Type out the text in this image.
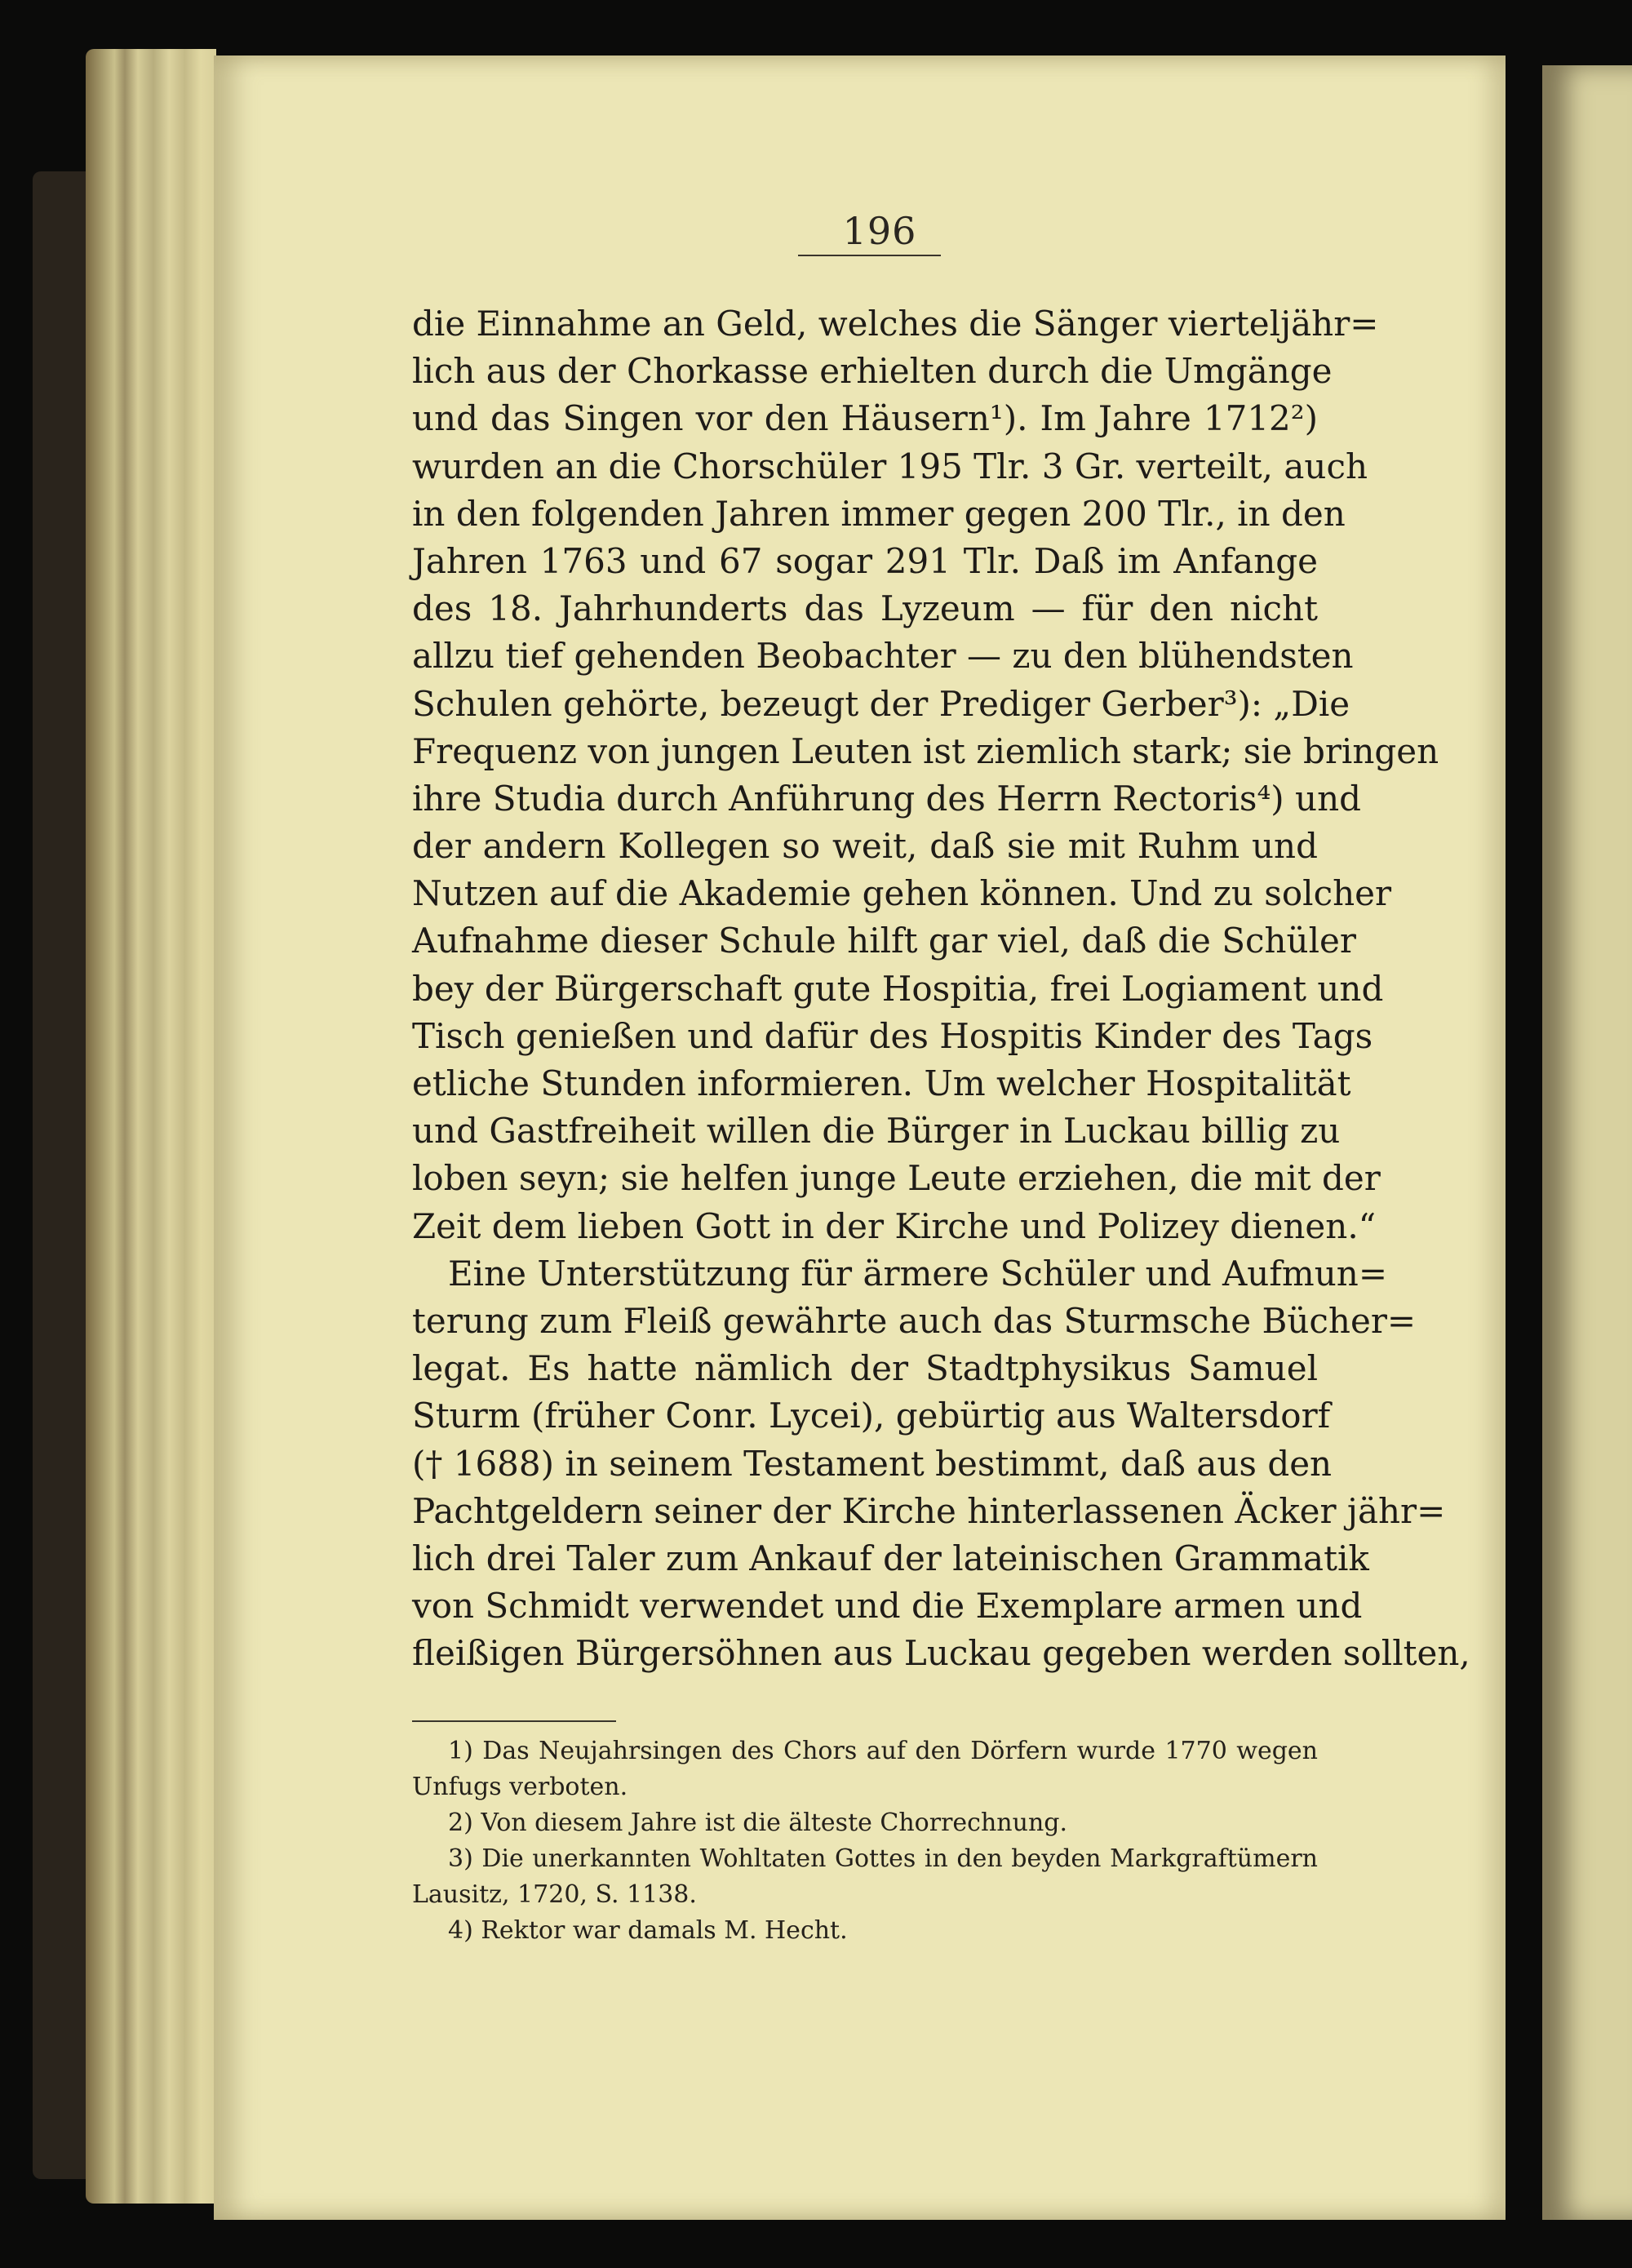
196
die Einnahme an Geld, welches die Sänger vierteljähr=
lich aus der Chorkasse erhielten durch die Umgänge
und das Singen vor den Häusern¹). Im Jahre 1712²)
wurden an die Chorschüler 195 Tlr. 3 Gr. verteilt, auch
in den folgenden Jahren immer gegen 200 Tlr., in den
Jahren 1763 und 67 sogar 291 Tlr. Daß im Anfange
des 18. Jahrhunderts das Lyzeum — für den nicht
allzu tief gehenden Beobachter — zu den blühendsten
Schulen gehörte, bezeugt der Prediger Gerber³): „Die
Frequenz von jungen Leuten ist ziemlich stark; sie bringen
ihre Studia durch Anführung des Herrn Rectoris⁴) und
der andern Kollegen so weit, daß sie mit Ruhm und
Nutzen auf die Akademie gehen können. Und zu solcher
Aufnahme dieser Schule hilft gar viel, daß die Schüler
bey der Bürgerschaft gute Hospitia, frei Logiament und
Tisch genießen und dafür des Hospitis Kinder des Tags
etliche Stunden informieren. Um welcher Hospitalität
und Gastfreiheit willen die Bürger in Luckau billig zu
loben seyn; sie helfen junge Leute erziehen, die mit der
Zeit dem lieben Gott in der Kirche und Polizey dienen.“
Eine Unterstützung für ärmere Schüler und Aufmun=
terung zum Fleiß gewährte auch das Sturmsche Bücher=
legat. Es hatte nämlich der Stadtphysikus Samuel
Sturm (früher Conr. Lycei), gebürtig aus Waltersdorf
(† 1688) in seinem Testament bestimmt, daß aus den
Pachtgeldern seiner der Kirche hinterlassenen Äcker jähr=
lich drei Taler zum Ankauf der lateinischen Grammatik
von Schmidt verwendet und die Exemplare armen und
fleißigen Bürgersöhnen aus Luckau gegeben werden sollten,
1) Das Neujahrsingen des Chors auf den Dörfern wurde 1770 wegen
Unfugs verboten.
2) Von diesem Jahre ist die älteste Chorrechnung.
3) Die unerkannten Wohltaten Gottes in den beyden Markgraftümern
Lausitz, 1720, S. 1138.
4) Rektor war damals M. Hecht.
